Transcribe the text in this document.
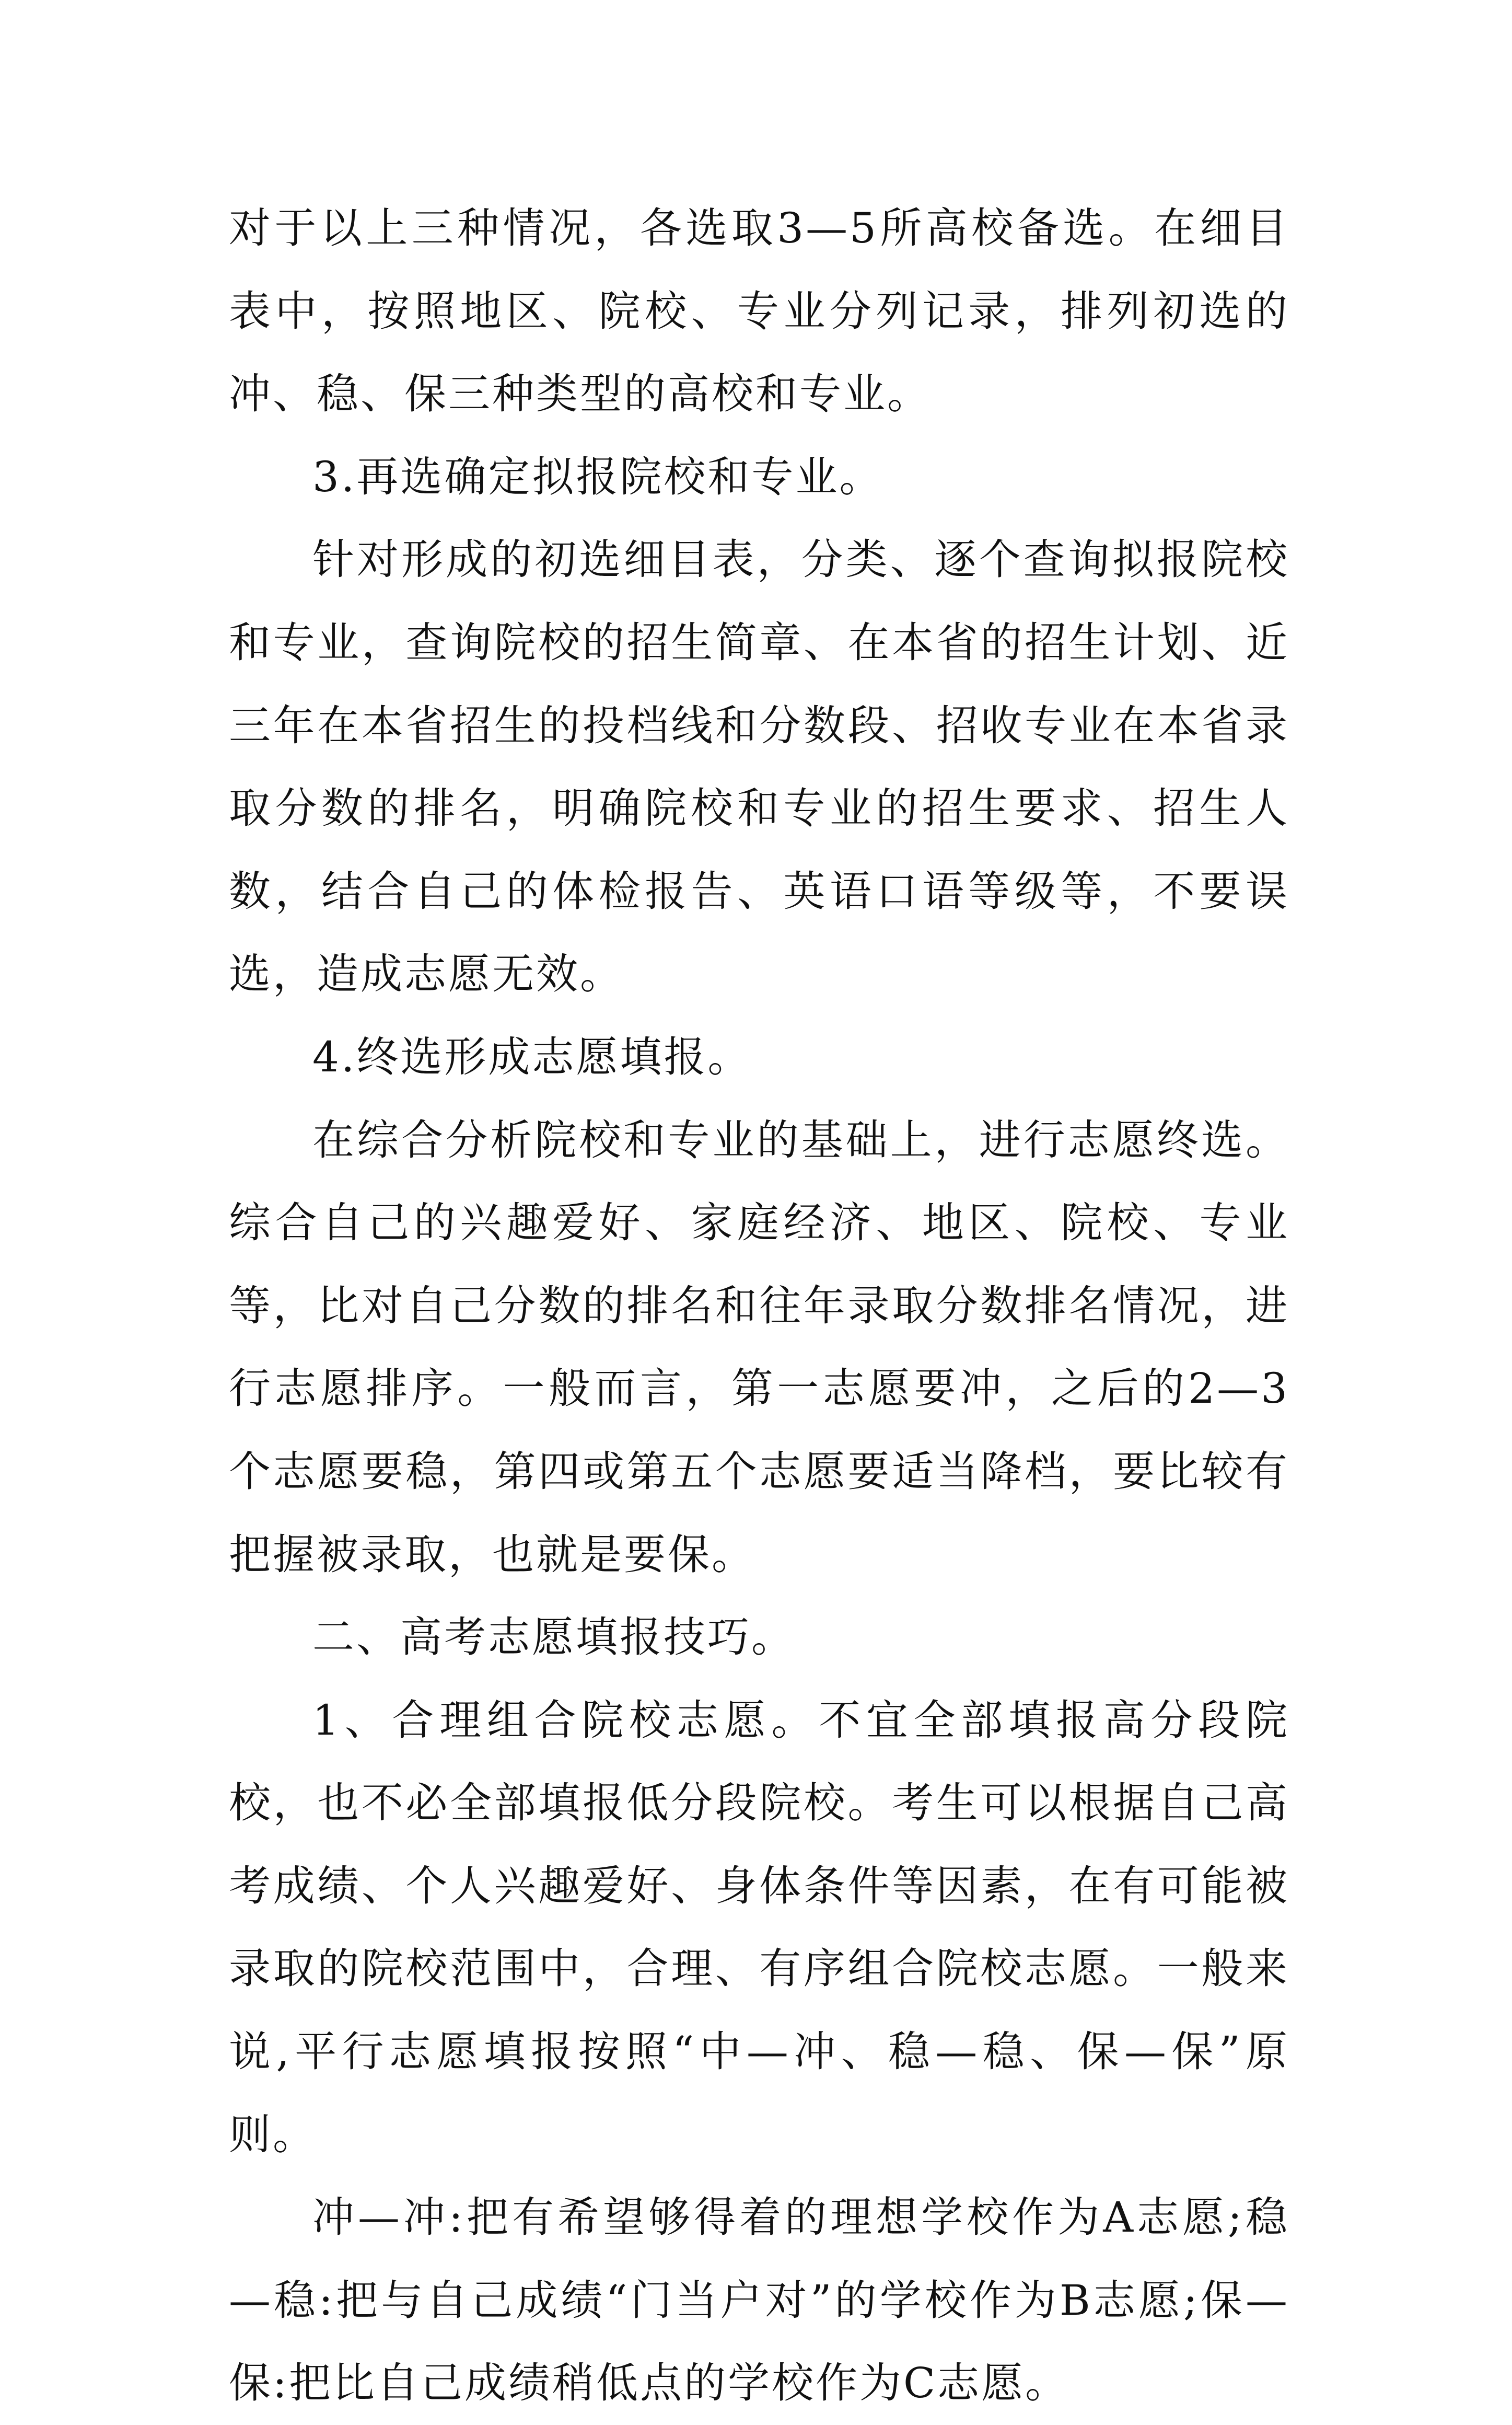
对于以上三种情况，各选取3—5所高校备选。在细目表中，按照地区、院校、专业分列记录，排列初选的冲、稳、保三种类型的高校和专业。

3.再选确定拟报院校和专业。

针对形成的初选细目表，分类、逐个查询拟报院校和专业，查询院校的招生简章、在本省的招生计划、近三年在本省招生的投档线和分数段、招收专业在本省录取分数的排名，明确院校和专业的招生要求、招生人数，结合自己的体检报告、英语口语等级等，不要误选，造成志愿无效。

4.终选形成志愿填报。

在综合分析院校和专业的基础上，进行志愿终选。综合自己的兴趣爱好、家庭经济、地区、院校、专业等，比对自己分数的排名和往年录取分数排名情况，进行志愿排序。一般而言，第一志愿要冲，之后的2—3个志愿要稳，第四或第五个志愿要适当降档，要比较有把握被录取，也就是要保。

二、高考志愿填报技巧。

1、合理组合院校志愿。不宜全部填报高分段院校，也不必全部填报低分段院校。考生可以根据自己高考成绩、个人兴趣爱好、身体条件等因素，在有可能被录取的院校范围中，合理、有序组合院校志愿。一般来说,平行志愿填报按照“中—冲、稳—稳、保—保”原则。

冲—冲:把有希望够得着的理想学校作为A志愿;稳—稳:把与自己成绩“门当户对”的学校作为B志愿;保—保:把比自己成绩稍低点的学校作为C志愿。
